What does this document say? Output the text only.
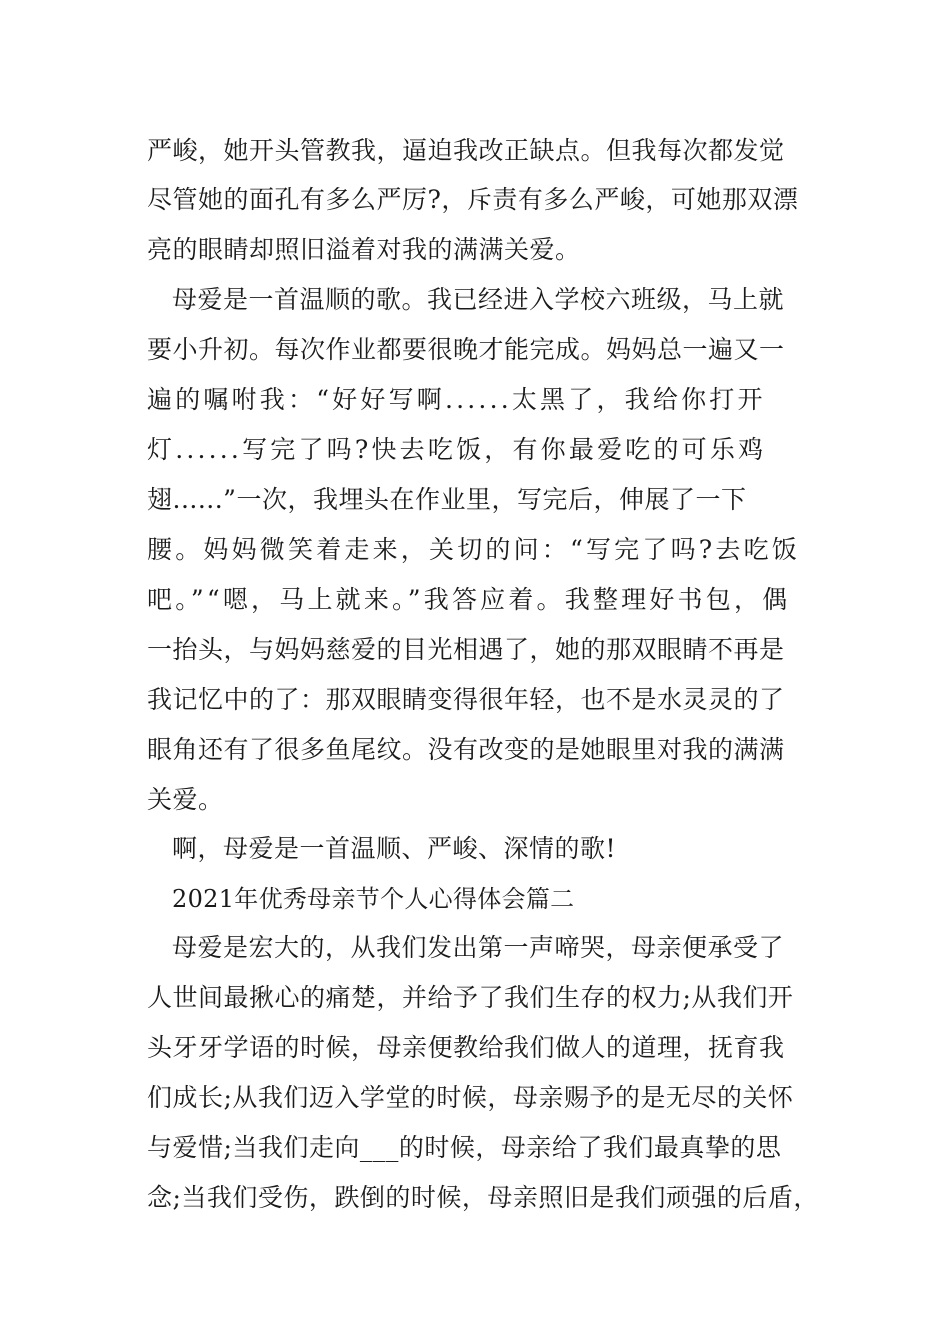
严峻，她开头管教我，逼迫我改正缺点。但我每次都发觉
尽管她的面孔有多么严厉?，斥责有多么严峻，可她那双漂
亮的眼睛却照旧溢着对我的满满关爱。
母爱是一首温顺的歌。我已经进入学校六班级，马上就
要小升初。每次作业都要很晚才能完成。妈妈总一遍又一
遍的嘱咐我：“好好写啊......太黑了，我给你打开
灯......写完了吗?快去吃饭，有你最爱吃的可乐鸡
翅......”一次，我埋头在作业里，写完后，伸展了一下
腰。妈妈微笑着走来，关切的问：“写完了吗?去吃饭
吧。”“嗯，马上就来。”我答应着。我整理好书包，偶
一抬头，与妈妈慈爱的目光相遇了，她的那双眼睛不再是
我记忆中的了：那双眼睛变得很年轻，也不是水灵灵的了
眼角还有了很多鱼尾纹。没有改变的是她眼里对我的满满
关爱。
啊，母爱是一首温顺、严峻、深情的歌!
2021年优秀母亲节个人心得体会篇二
母爱是宏大的，从我们发出第一声啼哭，母亲便承受了
人世间最揪心的痛楚，并给予了我们生存的权力;从我们开
头牙牙学语的时候，母亲便教给我们做人的道理，抚育我
们成长;从我们迈入学堂的时候，母亲赐予的是无尽的关怀
与爱惜;当我们走向___的时候，母亲给了我们最真挚的思
念;当我们受伤，跌倒的时候，母亲照旧是我们顽强的后盾，
